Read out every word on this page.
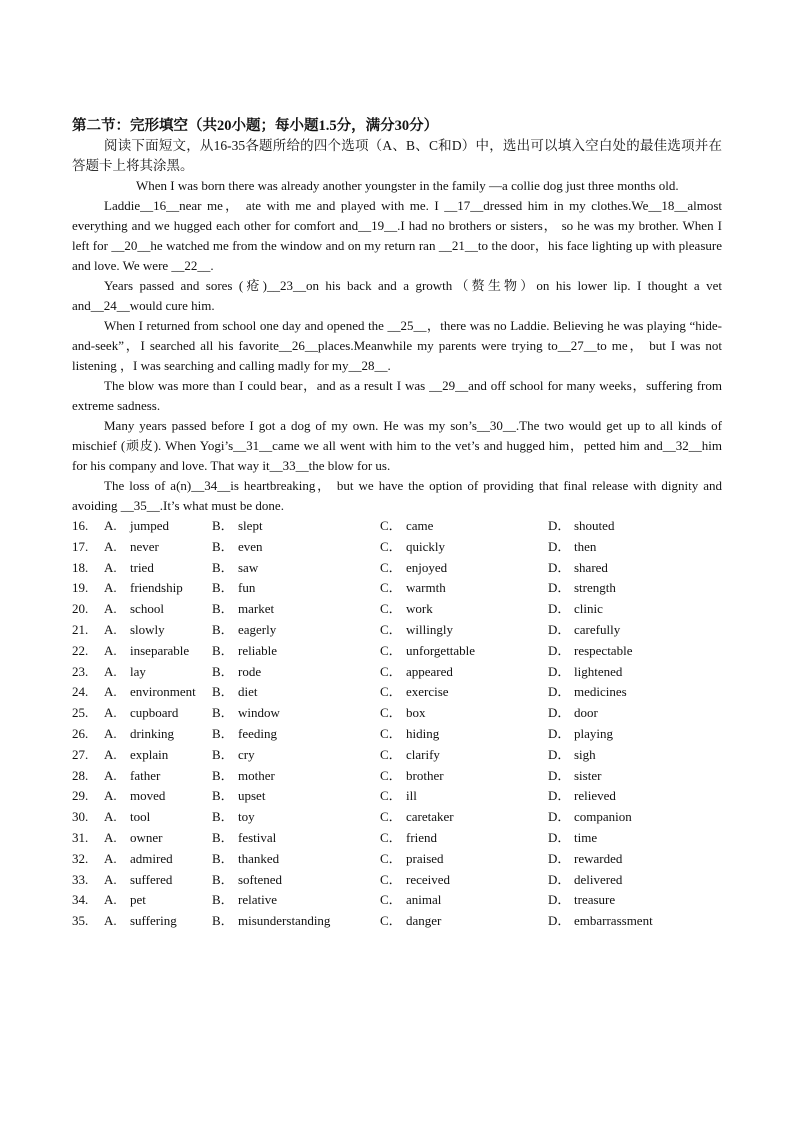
第二节：完形填空（共20小题；每小题1.5分，满分30分）

阅读下面短文，从16-35各题所给的四个选项（A、B、C和D）中，选出可以填入空白处的最佳选项并在答题卡上将其涂黑。

When I was born there was already another youngster in the family —a collie dog just three months old.

Laddie__16__near me， ate with me and played with me. I __17__dressed him in my clothes.We__18__almost everything and we hugged each other for comfort and__19__.I had no brothers or sisters， so he was my brother. When I left for __20__he watched me from the window and on my return ran __21__to the door，his face lighting up with pleasure and love. We were __22__.

Years passed and sores (疮)__23__on his back and a growth（赘生物）on his lower lip. I thought a vet and__24__would cure him.

When I returned from school one day and opened the __25__，there was no Laddie. Believing he was playing “hide-and-seek”，I searched all his favorite__26__places.Meanwhile my parents were trying to__27__to me， but I was not listening ，I was searching and calling madly for my__28__.

The blow was more than I could bear，and as a result I was __29__and off school for many weeks，suffering from extreme sadness.

Many years passed before I got a dog of my own. He was my son’s__30__.The two would get up to all kinds of mischief (顽皮). When Yogi’s__31__came we all went with him to the vet’s and hugged him，petted him and__32__him for his company and love. That way it__33__the blow for us.

The loss of a(n)__34__is heartbreaking， but we have the option of providing that final release with dignity and avoiding __35__.It’s what must be done.

16.	A. jumped	B． slept	C． came	D． shouted
17.	A. never	B． even	C． quickly	D． then
18.	A. tried	B． saw	C． enjoyed	D． shared
19.	A. friendship	B． fun	C． warmth	D． strength
20.	A. school	B． market	C． work	D． clinic
21.	A. slowly	B． eagerly	C． willingly	D． carefully
22.	A. inseparable	B． reliable	C． unforgettable	D． respectable
23.	A. lay	B． rode	C． appeared	D． lightened
24.	A. environment	B． diet	C． exercise	D． medicines
25.	A. cupboard	B． window	C． box	D． door
26.	A. drinking	B． feeding	C． hiding	D． playing
27.	A. explain	B． cry	C． clarify	D． sigh
28.	A. father	B． mother	C． brother	D． sister
29.	A. moved	B． upset	C． ill	D． relieved
30.	A. tool	B． toy	C． caretaker	D． companion
31.	A. owner	B． festival	C． friend	D． time
32.	A. admired	B． thanked	C． praised	D． rewarded
33.	A. suffered	B． softened	C． received	D． delivered
34.	A. pet	B． relative	C． animal	D． treasure
35.	A. suffering	B． misunderstanding	C． danger	D． embarrassment
